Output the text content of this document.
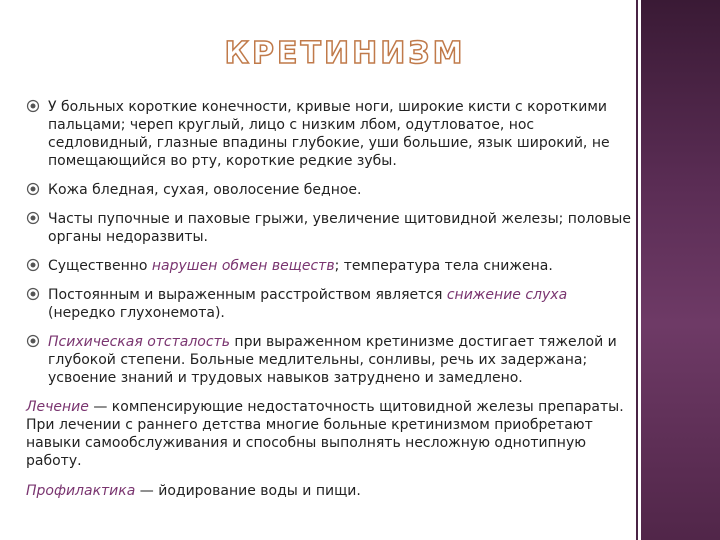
КРЕТИНИЗМ
У больных короткие конечности, кривые ноги, широкие кисти с короткими пальцами; череп круглый, лицо с низким лбом, одутловатое, нос седловидный, глазные впадины глубокие, уши большие, язык широкий, не помещающийся во рту, короткие редкие зубы.
Кожа бледная, сухая, оволосение бедное.
Часты пупочные и паховые грыжи, увеличение щитовидной железы; половые органы недоразвиты.
Существенно нарушен обмен веществ; температура тела снижена.
Постоянным и выраженным расстройством является снижение слуха (нередко глухонемота).
Психическая отсталость при выраженном кретинизме достигает тяжелой и глубокой степени. Больные медлительны, сонливы, речь их задержана; усвоение знаний и трудовых навыков затруднено и замедлено.
Лечение — компенсирующие недостаточность щитовидной железы препараты. При лечении с раннего детства многие больные кретинизмом приобретают навыки самообслуживания и способны выполнять несложную однотипную работу.
Профилактика — йодирование воды и пищи.
